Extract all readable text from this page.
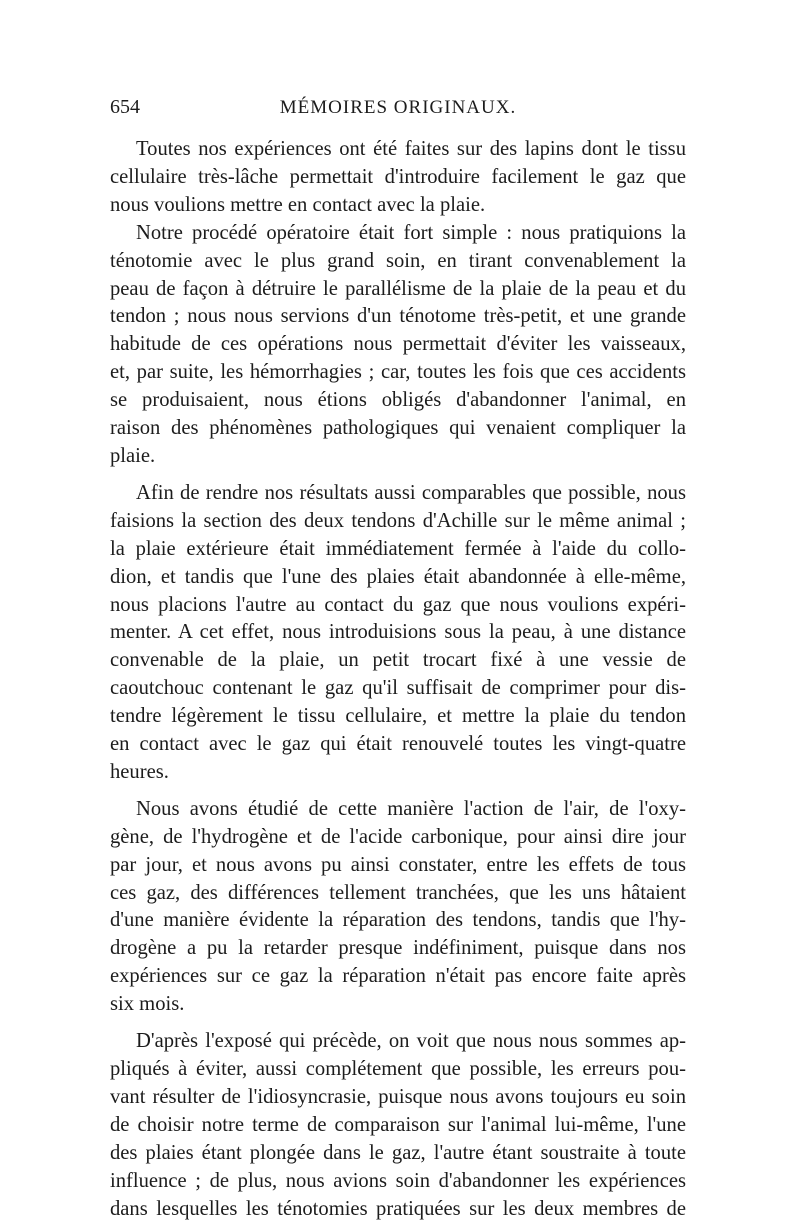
654	MÉMOIRES ORIGINAUX.

Toutes nos expériences ont été faites sur des lapins dont le tissu
cellulaire très-lâche permettait d'introduire facilement le gaz que
nous voulions mettre en contact avec la plaie.

Notre procédé opératoire était fort simple : nous pratiquions la
ténotomie avec le plus grand soin, en tirant convenablement la
peau de façon à détruire le parallélisme de la plaie de la peau et du
tendon ; nous nous servions d'un ténotome très-petit, et une grande
habitude de ces opérations nous permettait d'éviter les vaisseaux,
et, par suite, les hémorrhagies ; car, toutes les fois que ces accidents
se produisaient, nous étions obligés d'abandonner l'animal, en
raison des phénomènes pathologiques qui venaient compliquer la
plaie.

Afin de rendre nos résultats aussi comparables que possible, nous
faisions la section des deux tendons d'Achille sur le même animal ;
la plaie extérieure était immédiatement fermée à l'aide du collo-
dion, et tandis que l'une des plaies était abandonnée à elle-même,
nous placions l'autre au contact du gaz que nous voulions expéri-
menter. A cet effet, nous introduisions sous la peau, à une distance
convenable de la plaie, un petit trocart fixé à une vessie de
caoutchouc contenant le gaz qu'il suffisait de comprimer pour dis-
tendre légèrement le tissu cellulaire, et mettre la plaie du tendon
en contact avec le gaz qui était renouvelé toutes les vingt-quatre
heures.

Nous avons étudié de cette manière l'action de l'air, de l'oxy-
gène, de l'hydrogène et de l'acide carbonique, pour ainsi dire jour
par jour, et nous avons pu ainsi constater, entre les effets de tous
ces gaz, des différences tellement tranchées, que les uns hâtaient
d'une manière évidente la réparation des tendons, tandis que l'hy-
drogène a pu la retarder presque indéfiniment, puisque dans nos
expériences sur ce gaz la réparation n'était pas encore faite après
six mois.

D'après l'exposé qui précède, on voit que nous nous sommes ap-
pliqués à éviter, aussi complétement que possible, les erreurs pou-
vant résulter de l'idiosyncrasie, puisque nous avons toujours eu soin
de choisir notre terme de comparaison sur l'animal lui-même, l'une
des plaies étant plongée dans le gaz, l'autre étant soustraite à toute
influence ; de plus, nous avions soin d'abandonner les expériences
dans lesquelles les ténotomies pratiquées sur les deux membres de
